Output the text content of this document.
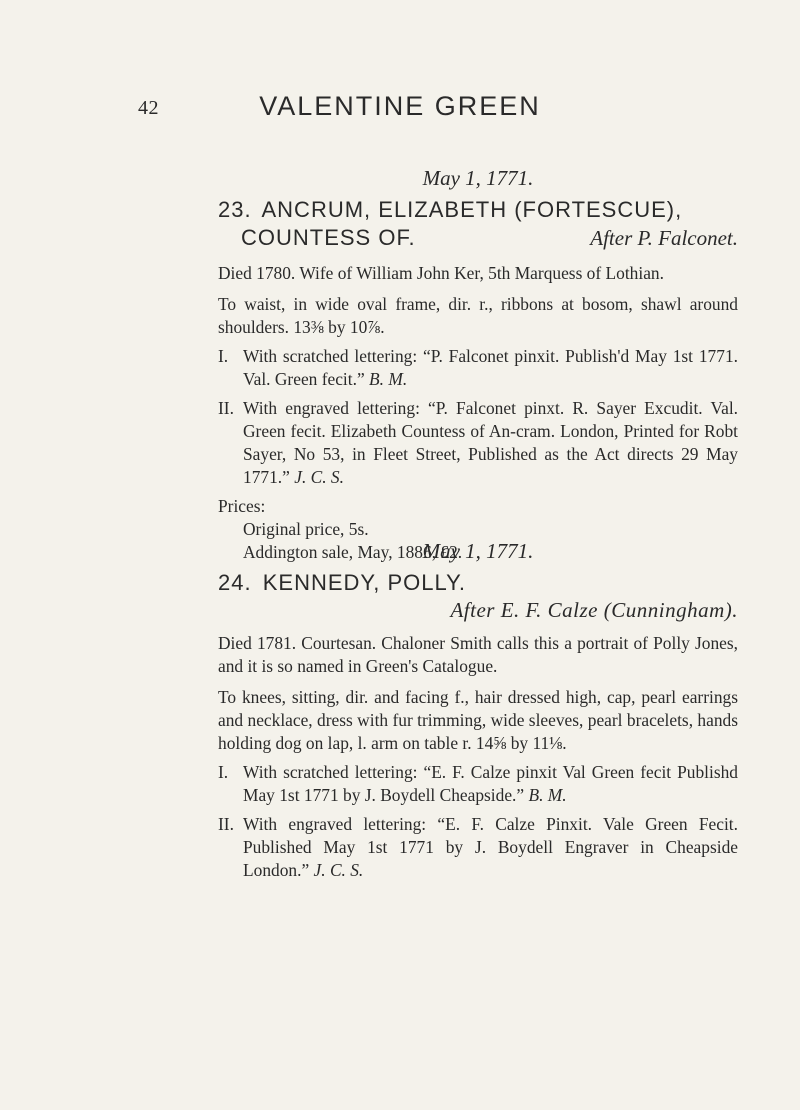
42	VALENTINE GREEN
May 1, 1771.
23. ANCRUM, ELIZABETH (FORTESCUE),
COUNTESS OF.	After P. Falconet.

Died 1780. Wife of William John Ker, 5th Marquess of Lothian.

To waist, in wide oval frame, dir. r., ribbons at bosom, shawl around shoulders. 13⅜ by 10⅞.

I. With scratched lettering: “P. Falconet pinxit. Publish'd May 1st 1771. Val. Green fecit.” B. M.
II. With engraved lettering: “P. Falconet pinxt. R. Sayer Excudit. Val. Green fecit. Elizabeth Countess of An-cram. London, Printed for Robt Sayer, No 53, in Fleet Street, Published as the Act directs 29 May 1771.” J. C. S.
Prices:
Original price, 5s.
Addington sale, May, 1886, £2.
May 1, 1771.
24. KENNEDY, POLLY.
After E. F. Calze (Cunningham).

Died 1781. Courtesan. Chaloner Smith calls this a portrait of Polly Jones, and it is so named in Green's Catalogue.

To knees, sitting, dir. and facing f., hair dressed high, cap, pearl earrings and necklace, dress with fur trimming, wide sleeves, pearl bracelets, hands holding dog on lap, l. arm on table r. 14⅝ by 11⅛.

I. With scratched lettering: “E. F. Calze pinxit Val Green fecit Publishd May 1st 1771 by J. Boydell Cheapside.” B. M.
II. With engraved lettering: “E. F. Calze Pinxit. Vale Green Fecit. Published May 1st 1771 by J. Boydell Engraver in Cheapside London.” J. C. S.
